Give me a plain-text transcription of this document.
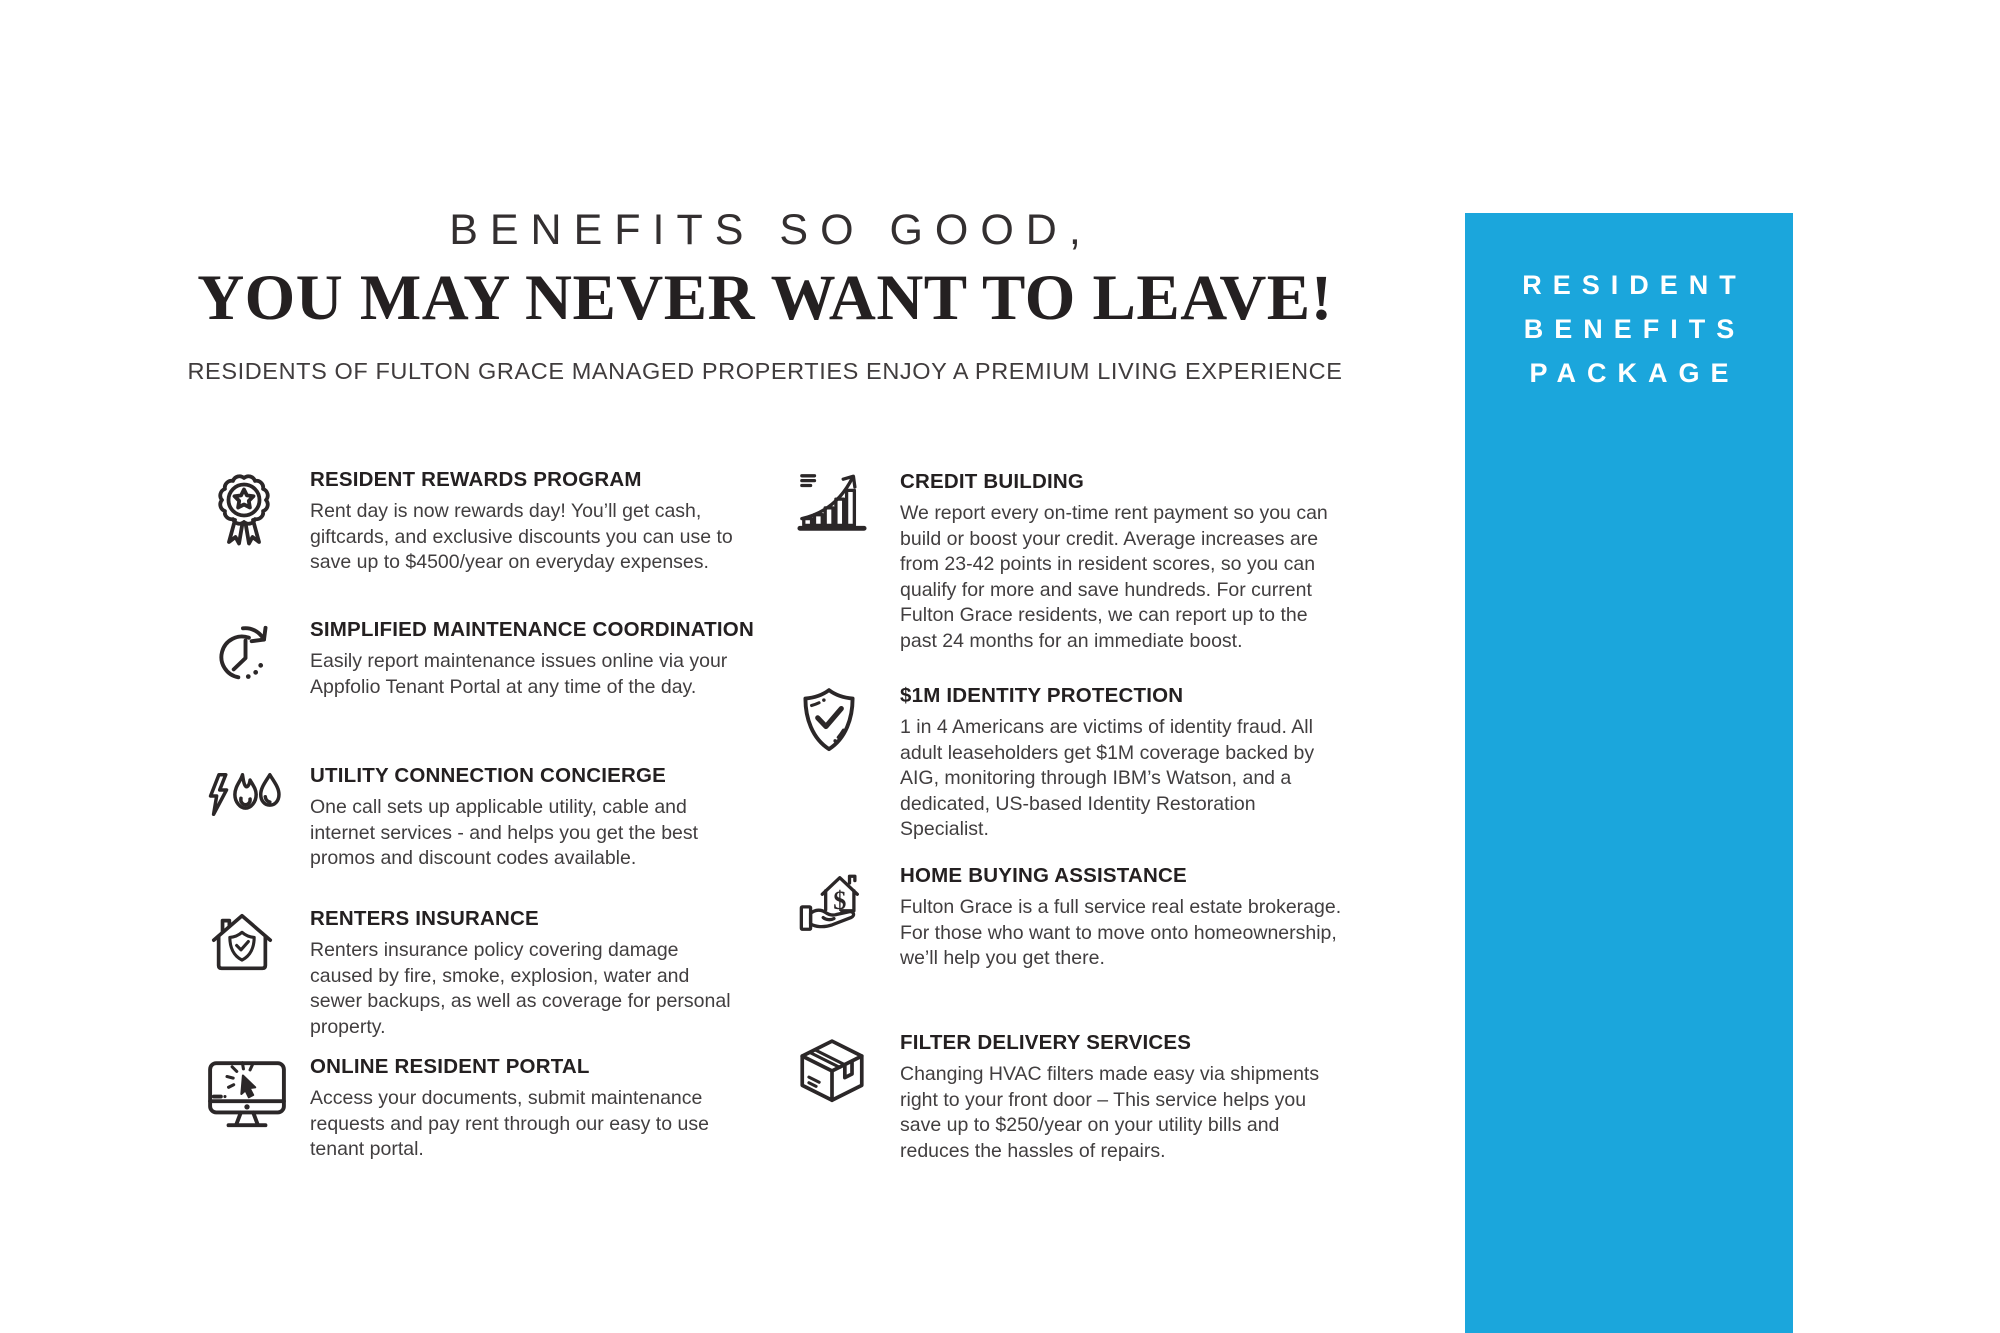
BENEFITS SO GOOD,
YOU MAY NEVER WANT TO LEAVE!
RESIDENTS OF FULTON GRACE MANAGED PROPERTIES ENJOY A PREMIUM LIVING EXPERIENCE
RESIDENT REWARDS PROGRAM

Rent day is now rewards day! You’ll get cash, giftcards, and exclusive discounts you can use to save up to $4500/year on everyday expenses.

SIMPLIFIED MAINTENANCE COORDINATION

Easily report maintenance issues online via your Appfolio Tenant Portal at any time of the day.

UTILITY CONNECTION CONCIERGE

One call sets up applicable utility, cable and internet services - and helps you get the best promos and discount codes available.

RENTERS INSURANCE

Renters insurance policy covering damage caused by fire, smoke, explosion, water and sewer backups, as well as coverage for personal property.

ONLINE RESIDENT PORTAL

Access your documents, submit maintenance requests and pay rent through our easy to use tenant portal.

CREDIT BUILDING

We report every on-time rent payment so you can build or boost your credit. Average increases are from 23-42 points in resident scores, so you can qualify for more and save hundreds. For current Fulton Grace residents, we can report up to the past 24 months for an immediate boost.

$1M IDENTITY PROTECTION

1 in 4 Americans are victims of identity fraud. All adult leaseholders get $1M coverage backed by AIG, monitoring through IBM’s Watson, and a dedicated, US-based Identity Restoration Specialist.

$
HOME BUYING ASSISTANCE

Fulton Grace is a full service real estate brokerage. For those who want to move onto homeownership, we’ll help you get there.

FILTER DELIVERY SERVICES

Changing HVAC filters made easy via shipments right to your front door – This service helps you save up to $250/year on your utility bills and reduces the hassles of repairs.

RESIDENT
BENEFITS
PACKAGE
